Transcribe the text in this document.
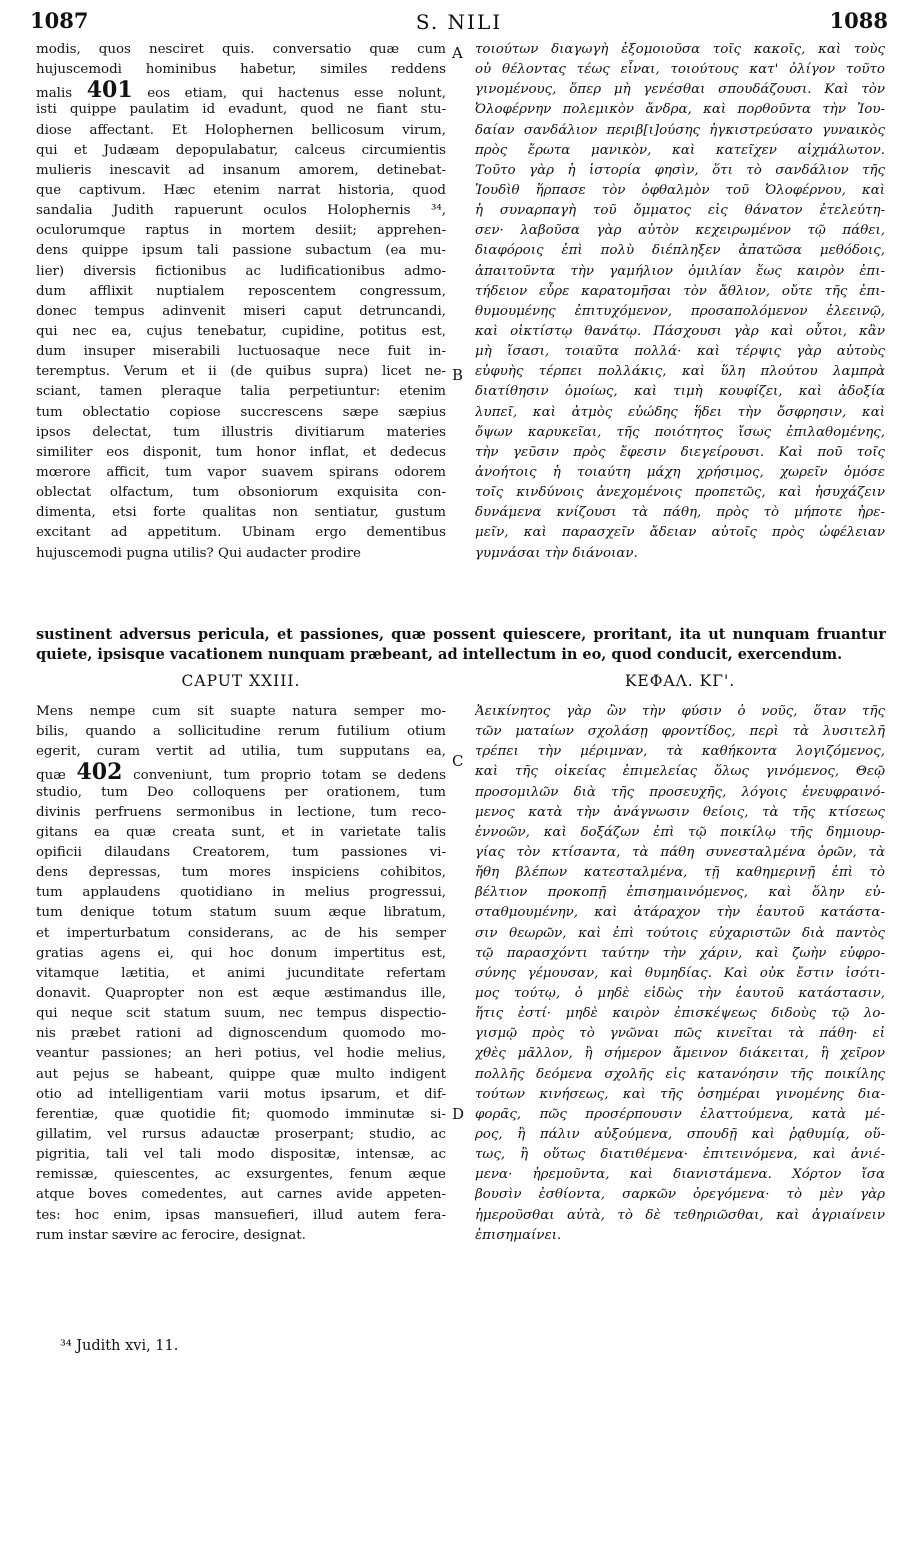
1087	S. NILI	1088
modis, quos nesciret quis. conversatio quæ cum
hujuscemodi hominibus habetur, similes reddens
malis 401 eos etiam, qui hactenus esse nolunt,
isti quippe paulatim id evadunt, quod ne fiant stu-
diose affectant. Et Holophernen bellicosum virum,
qui et Judæam depopulabatur, calceus circumientis
mulieris inescavit ad insanum amorem, detinebat-
que captivum. Hæc etenim narrat historia, quod
sandalia Judith rapuerunt oculos Holophernis ³⁴,
oculorumque raptus in mortem desiit; apprehen-
dens quippe ipsum tali passione subactum (ea mu-
lier) diversis fictionibus ac ludificationibus admo-
dum afflixit nuptialem reposcentem congressum,
donec tempus adinvenit miseri caput detruncandi,
qui nec ea, cujus tenebatur, cupidine, potitus est,
dum insuper miserabili luctuosaque nece fuit in-
teremptus. Verum et ii (de quibus supra) licet ne-
sciant, tamen pleraque talia perpetiuntur: etenim
tum oblectatio copiose succrescens sæpe sæpius
ipsos delectat, tum illustris divitiarum materies
similiter eos disponit, tum honor inflat, et dedecus
mœrore afficit, tum vapor suavem spirans odorem
oblectat olfactum, tum obsoniorum exquisita con-
dimenta, etsi forte qualitas non sentiatur, gustum
excitant ad appetitum. Ubinam ergo dementibus
hujuscemodi pugna utilis? Qui audacter prodire
τοιούτων διαγωγὴ ἐξομοιοῦσα τοῖς κακοῖς, καὶ τοὺς
οὐ θέλοντας τέως εἶναι, τοιούτους κατ' ὀλίγον τοῦτο
γινομένους, ὅπερ μὴ γενέσθαι σπουδάζουσι. Καὶ τὸν
Ὀλοφέρνην πολεμικὸν ἄνδρα, καὶ πορθοῦντα τὴν Ἰου-
δαίαν σανδάλιον περιβ[ι]ούσης ἠγκιστρεύσατο γυναικὸς
πρὸς ἔρωτα μανικὸν, καὶ κατεῖχεν αἰχμάλωτον.
Τοῦτο γὰρ ἡ ἱστορία φησὶν, ὅτι τὸ σανδάλιον τῆς
Ἰουδὶθ ἥρπασε τὸν ὀφθαλμὸν τοῦ Ὀλοφέρνου, καὶ
ἡ συναρπαγὴ τοῦ ὄμματος εἰς θάνατον ἐτελεύτη-
σεν· λαβοῦσα γὰρ αὐτὸν κεχειρωμένον τῷ πάθει,
διαφόροις ἐπὶ πολὺ διέπληξεν ἀπατῶσα μεθόδοις,
ἀπαιτοῦντα τὴν γαμήλιον ὁμιλίαν ἕως καιρὸν ἐπι-
τήδειον εὗρε καρατομῆσαι τὸν ἄθλιον, οὔτε τῆς ἐπι-
θυμουμένης ἐπιτυχόμενον, προσαπολόμενον ἐλεεινῷ,
καὶ οἰκτίστῳ θανάτῳ. Πάσχουσι γὰρ καὶ οὗτοι, κἂν
μὴ ἴσασι, τοιαῦτα πολλά· καὶ τέρψις γὰρ αὐτοὺς
εὐφυὴς τέρπει πολλάκις, καὶ ὕλη πλούτου λαμπρὰ
διατίθησιν ὁμοίως, καὶ τιμὴ κουφίζει, καὶ ἀδοξία
λυπεῖ, καὶ ἀτμὸς εὐώδης ἥδει τὴν ὄσφρησιν, καὶ
ὄψων καρυκεῖαι, τῆς ποιότητος ἴσως ἐπιλαθομένης,
τὴν γεῦσιν πρὸς ἔφεσιν διεγείρουσι. Καὶ ποῦ τοῖς
ἀνοήτοις ἡ τοιαύτη μάχη χρήσιμος, χωρεῖν ὁμόσε
τοῖς κινδύνοις ἀνεχομένοις προπετῶς, καὶ ἡσυχάζειν
δυνάμενα κνίζουσι τὰ πάθη, πρὸς τὸ μήποτε ἠρε-
μεῖν, καὶ παρασχεῖν ἄδειαν αὐτοῖς πρὸς ὠφέλειαν
γυμνάσαι τὴν διάνοιαν.
A
B
sustinent adversus pericula, et passiones, quæ possent quiescere, proritant, ita ut nunquam fruantur
quiete, ipsisque vacationem nunquam præbeant, ad intellectum in eo, quod conducit, exercendum.
CAPUT XXIII.	ΚΕΦΑΛ. ΚΓ'.
Mens nempe cum sit suapte natura semper mo-
bilis, quando a sollicitudine rerum futilium otium
egerit, curam vertit ad utilia, tum supputans ea,
quæ 402 conveniunt, tum proprio totam se dedens
studio, tum Deo colloquens per orationem, tum
divinis perfruens sermonibus in lectione, tum reco-
gitans ea quæ creata sunt, et in varietate talis
opificii dilaudans Creatorem, tum passiones vi-
dens depressas, tum mores inspiciens cohibitos,
tum applaudens quotidiano in melius progressui,
tum denique totum statum suum æque libratum,
et imperturbatum considerans, ac de his semper
gratias agens ei, qui hoc donum impertitus est,
vitamque lætitia, et animi jucunditate refertam
donavit. Quapropter non est æque æstimandus ille,
qui neque scit statum suum, nec tempus dispectio-
nis præbet rationi ad dignoscendum quomodo mo-
veantur passiones; an heri potius, vel hodie melius,
aut pejus se habeant, quippe quæ multo indigent
otio ad intelligentiam varii motus ipsarum, et dif-
ferentiæ, quæ quotidie fit; quomodo imminutæ si-
gillatim, vel rursus adauctæ proserpant; studio, ac
pigritia, tali vel tali modo dispositæ, intensæ, ac
remissæ, quiescentes, ac exsurgentes, fenum æque
atque boves comedentes, aut carnes avide appeten-
tes: hoc enim, ipsas mansuefieri, illud autem fera-
rum instar sævire ac ferocire, designat.
Ἀεικίνητος γὰρ ὢν τὴν φύσιν ὁ νοῦς, ὅταν τῆς
τῶν ματαίων σχολάσῃ φροντίδος, περὶ τὰ λυσιτελῆ
τρέπει τὴν μέριμναν, τὰ καθήκοντα λογιζόμενος,
καὶ τῆς οἰκείας ἐπιμελείας ὅλως γινόμενος, Θεῷ
προσομιλῶν διὰ τῆς προσευχῆς, λόγοις ἐνευφραινό-
μενος κατὰ τὴν ἀνάγνωσιν θείοις, τὰ τῆς κτίσεως
ἐννοῶν, καὶ δοξάζων ἐπὶ τῷ ποικίλῳ τῆς δημιουρ-
γίας τὸν κτίσαντα, τὰ πάθη συνεσταλμένα ὁρῶν, τὰ
ἤθη βλέπων κατεσταλμένα, τῇ καθημερινῇ ἐπὶ τὸ
βέλτιον προκοπῇ ἐπισημαινόμενος, καὶ ὅλην εὐ-
σταθμουμένην, καὶ ἀτάραχον τὴν ἑαυτοῦ κατάστα-
σιν θεωρῶν, καὶ ἐπὶ τούτοις εὐχαριστῶν διὰ παντὸς
τῷ παρασχόντι ταύτην τὴν χάριν, καὶ ζωὴν εὐφρο-
σύνης γέμουσαν, καὶ θυμηδίας. Καὶ οὐκ ἔστιν ἰσότι-
μος τούτῳ, ὁ μηδὲ εἰδὼς τὴν ἑαυτοῦ κατάστασιν,
ἥτις ἐστί· μηδὲ καιρὸν ἐπισκέψεως διδοὺς τῷ λο-
γισμῷ πρὸς τὸ γνῶναι πῶς κινεῖται τὰ πάθη· εἰ
χθὲς μᾶλλον, ἢ σήμερον ἄμεινον διάκειται, ἢ χεῖρον
πολλῆς δεόμενα σχολῆς εἰς κατανόησιν τῆς ποικίλης
τούτων κινήσεως, καὶ τῆς ὁσημέραι γινομένης δια-
φορᾶς, πῶς προσέρπουσιν ἐλαττούμενα, κατὰ μέ-
ρος, ἢ πάλιν αὐξούμενα, σπουδῇ καὶ ῥᾳθυμίᾳ, οὕ-
τως, ἢ οὕτως διατιθέμενα· ἐπιτεινόμενα, καὶ ἀνιέ-
μενα· ἠρεμοῦντα, καὶ διανιστάμενα. Χόρτον ἴσα
βουσὶν ἐσθίοντα, σαρκῶν ὀρεγόμενα· τὸ μὲν γὰρ
ἡμεροῦσθαι αὐτὰ, τὸ δὲ τεθηριῶσθαι, καὶ ἀγριαίνειν
ἐπισημαίνει.
C
D
³⁴ Judith xvi, 11.
